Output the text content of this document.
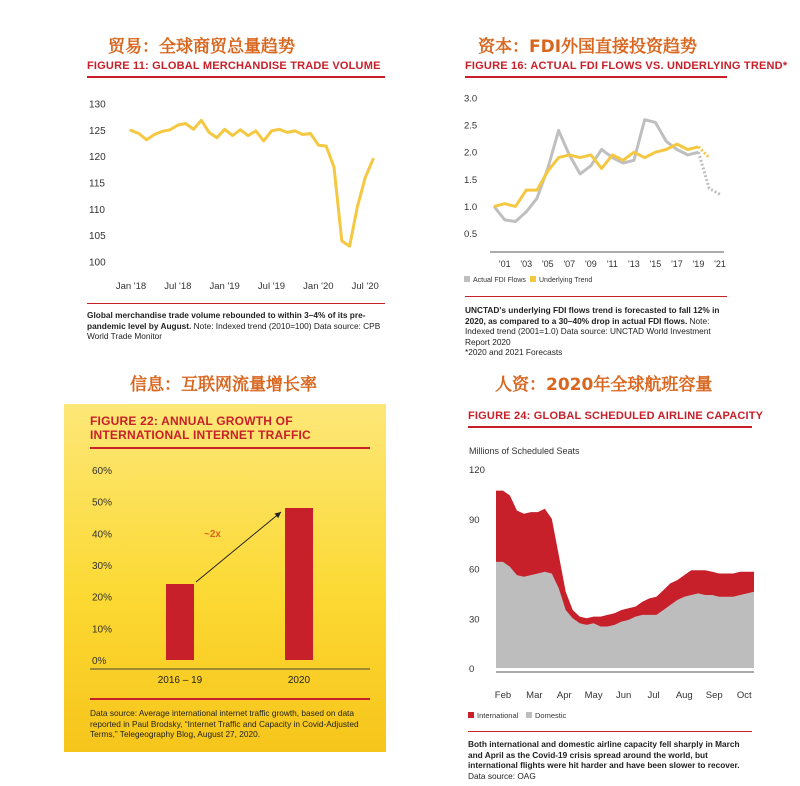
贸易：全球商贸总量趋势
FIGURE 11: GLOBAL MERCHANDISE TRADE VOLUME
100
105
110
115
120
125
130
Jan '18 Jul '18 Jan '19 Jul '19 Jan '20 Jul '20
Global merchandise trade volume rebounded to within 3–4% of its pre-pandemic level by August. Note: Indexed trend (2010=100) Data source: CPB World Trade Monitor
资本：FDI外国直接投资趋势
FIGURE 16: ACTUAL FDI FLOWS VS. UNDERLYING TREND*
0.5
1.0
1.5
2.0
2.5
3.0
'01 '03 '05 '07 '09 '11 '13 '15 '17 '19 '21
Actual FDI Flows Underlying Trend
UNCTAD's underlying FDI flows trend is forecasted to fall 12% in 2020, as compared to a 30–40% drop in actual FDI flows. Note: Indexed trend (2001=1.0) Data source: UNCTAD World Investment Report 2020
*2020 and 2021 Forecasts
信息：互联网流量增长率
FIGURE 22: ANNUAL GROWTH OF INTERNATIONAL INTERNET TRAFFIC
0%
10%
20%
30%
40%
50%
60%
2016 – 19	2020
~2x
Data source: Average international internet traffic growth, based on data reported in Paul Brodsky, “Internet Traffic and Capacity in Covid-Adjusted Terms,” Telegeography Blog, August 27, 2020.
人资：2020年全球航班容量
FIGURE 24: GLOBAL SCHEDULED AIRLINE CAPACITY
Millions of Scheduled Seats
0
30
60
90
120
Feb Mar Apr May Jun Jul Aug Sep Oct
International Domestic
Both international and domestic airline capacity fell sharply in March and April as the Covid-19 crisis spread around the world, but international flights were hit harder and have been slower to recover. Data source: OAG
